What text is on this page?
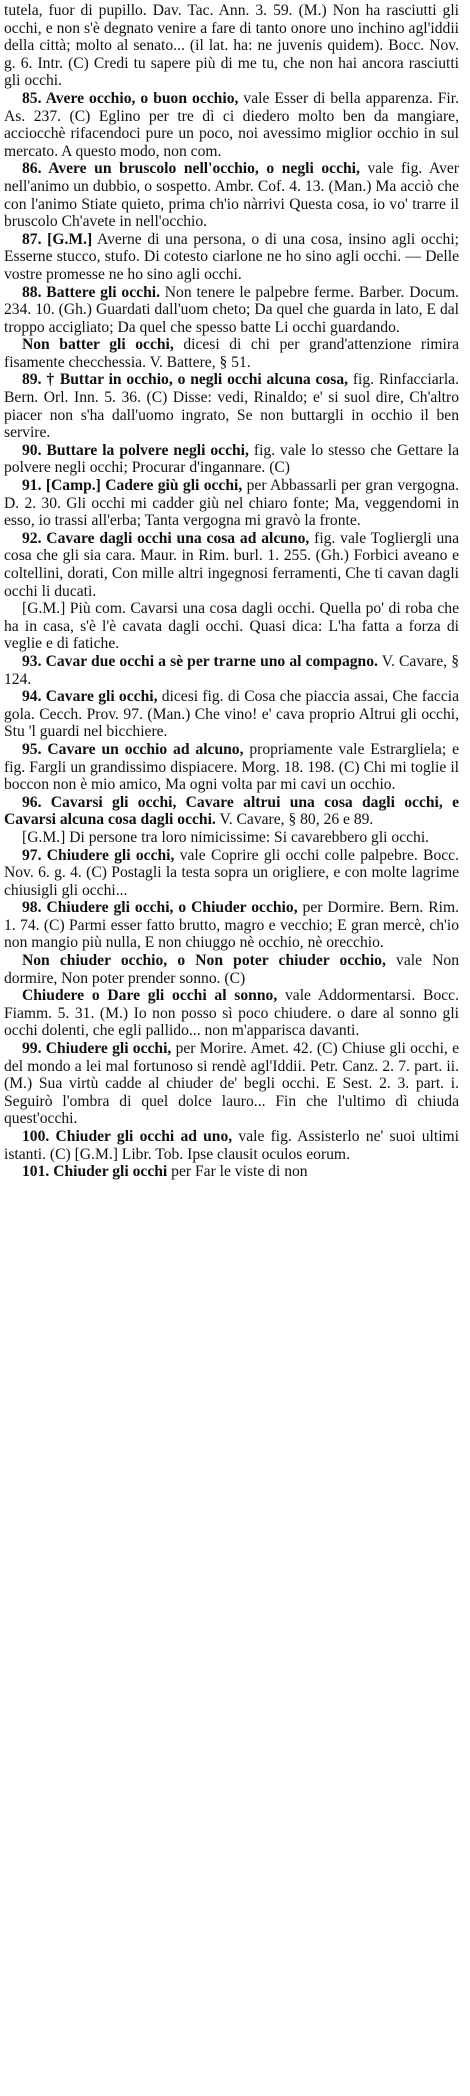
tutela, fuor di pupillo. Dav. Tac. Ann. 3. 59. (M.) Non ha rasciutti gli occhi, e non s'è degnato venire a fare di tanto onore uno inchino agl'iddii della città; molto al senato... (il lat. ha: ne juvenis quidem). Bocc. Nov. g. 6. Intr. (C) Credi tu sapere più di me tu, che non hai ancora rasciutti gli occhi.

85. Avere occhio, o buon occhio, vale Esser di bella apparenza. Fir. As. 237. (C) Eglino per tre dì ci diedero molto ben da mangiare, acciocchè rifacendoci pure un poco, noi avessimo miglior occhio in sul mercato. A questo modo, non com.

86. Avere un bruscolo nell'occhio, o negli occhi, vale fig. Aver nell'animo un dubbio, o sospetto. Ambr. Cof. 4. 13. (Man.) Ma acciò che con l'animo Stiate quieto, prima ch'io nàrrivi Questa cosa, io vo' trarre il bruscolo Ch'avete in nell'occhio.

87. [G.M.] Averne di una persona, o di una cosa, insino agli occhi; Esserne stucco, stufo. Di cotesto ciarlone ne ho sino agli occhi. — Delle vostre promesse ne ho sino agli occhi.

88. Battere gli occhi. Non tenere le palpebre ferme. Barber. Docum. 234. 10. (Gh.) Guardati dall'uom cheto; Da quel che guarda in lato, E dal troppo accigliato; Da quel che spesso batte Li occhi guardando.

Non batter gli occhi, dicesi di chi per grand'attenzione rimira fisamente checchessia. V. Battere, § 51.

89. † Buttar in occhio, o negli occhi alcuna cosa, fig. Rinfacciarla. Bern. Orl. Inn. 5. 36. (C) Disse: vedi, Rinaldo; e' si suol dire, Ch'altro piacer non s'ha dall'uomo ingrato, Se non buttargli in occhio il ben servire.

90. Buttare la polvere negli occhi, fig. vale lo stesso che Gettare la polvere negli occhi; Procurar d'ingannare. (C)

91. [Camp.] Cadere giù gli occhi, per Abbassarli per gran vergogna. D. 2. 30. Gli occhi mi cadder giù nel chiaro fonte; Ma, veggendomi in esso, io trassi all'erba; Tanta vergogna mi gravò la fronte.

92. Cavare dagli occhi una cosa ad alcuno, fig. vale Togliergli una cosa che gli sia cara. Maur. in Rim. burl. 1. 255. (Gh.) Forbici aveano e coltellini, dorati, Con mille altri ingegnosi ferramenti, Che ti cavan dagli occhi li ducati.

[G.M.] Più com. Cavarsi una cosa dagli occhi. Quella po' di roba che ha in casa, s'è l'è cavata dagli occhi. Quasi dica: L'ha fatta a forza di veglie e di fatiche.

93. Cavar due occhi a sè per trarne uno al compagno. V. Cavare, § 124.

94. Cavare gli occhi, dicesi fig. di Cosa che piaccia assai, Che faccia gola. Cecch. Prov. 97. (Man.) Che vino! e' cava proprio Altrui gli occhi, Stu 'l guardi nel bicchiere.

95. Cavare un occhio ad alcuno, propriamente vale Estrargliela; e fig. Fargli un grandissimo dispiacere. Morg. 18. 198. (C) Chi mi toglie il boccon non è mio amico, Ma ogni volta par mi cavi un occhio.

96. Cavarsi gli occhi, Cavare altrui una cosa dagli occhi, e Cavarsi alcuna cosa dagli occhi. V. Cavare, § 80, 26 e 89.

[G.M.] Di persone tra loro nimicissime: Si cavarebbero gli occhi.

97. Chiudere gli occhi, vale Coprire gli occhi colle palpebre. Bocc. Nov. 6. g. 4. (C) Postagli la testa sopra un origliere, e con molte lagrime chiusigli gli occhi...

98. Chiudere gli occhi, o Chiuder occhio, per Dormire. Bern. Rim. 1. 74. (C) Parmi esser fatto brutto, magro e vecchio; E gran mercè, ch'io non mangio più nulla, E non chiuggo nè occhio, nè orecchio.

Non chiuder occhio, o Non poter chiuder occhio, vale Non dormire, Non poter prender sonno. (C)

Chiudere o Dare gli occhi al sonno, vale Addormentarsi. Bocc. Fiamm. 5. 31. (M.) Io non posso sì poco chiudere. o dare al sonno gli occhi dolenti, che egli pallido... non m'apparisca davanti.

99. Chiudere gli occhi, per Morire. Amet. 42. (C) Chiuse gli occhi, e del mondo a lei mal fortunoso si rendè agl'Iddii. Petr. Canz. 2. 7. part. ii. (M.) Sua virtù cadde al chiuder de' begli occhi. E Sest. 2. 3. part. i. Seguirò l'ombra di quel dolce lauro... Fin che l'ultimo dì chiuda quest'occhi.

100. Chiuder gli occhi ad uno, vale fig. Assisterlo ne' suoi ultimi istanti. (C) [G.M.] Libr. Tob. Ipse clausit oculos eorum.

101. Chiuder gli occhi per Far le viste di non
